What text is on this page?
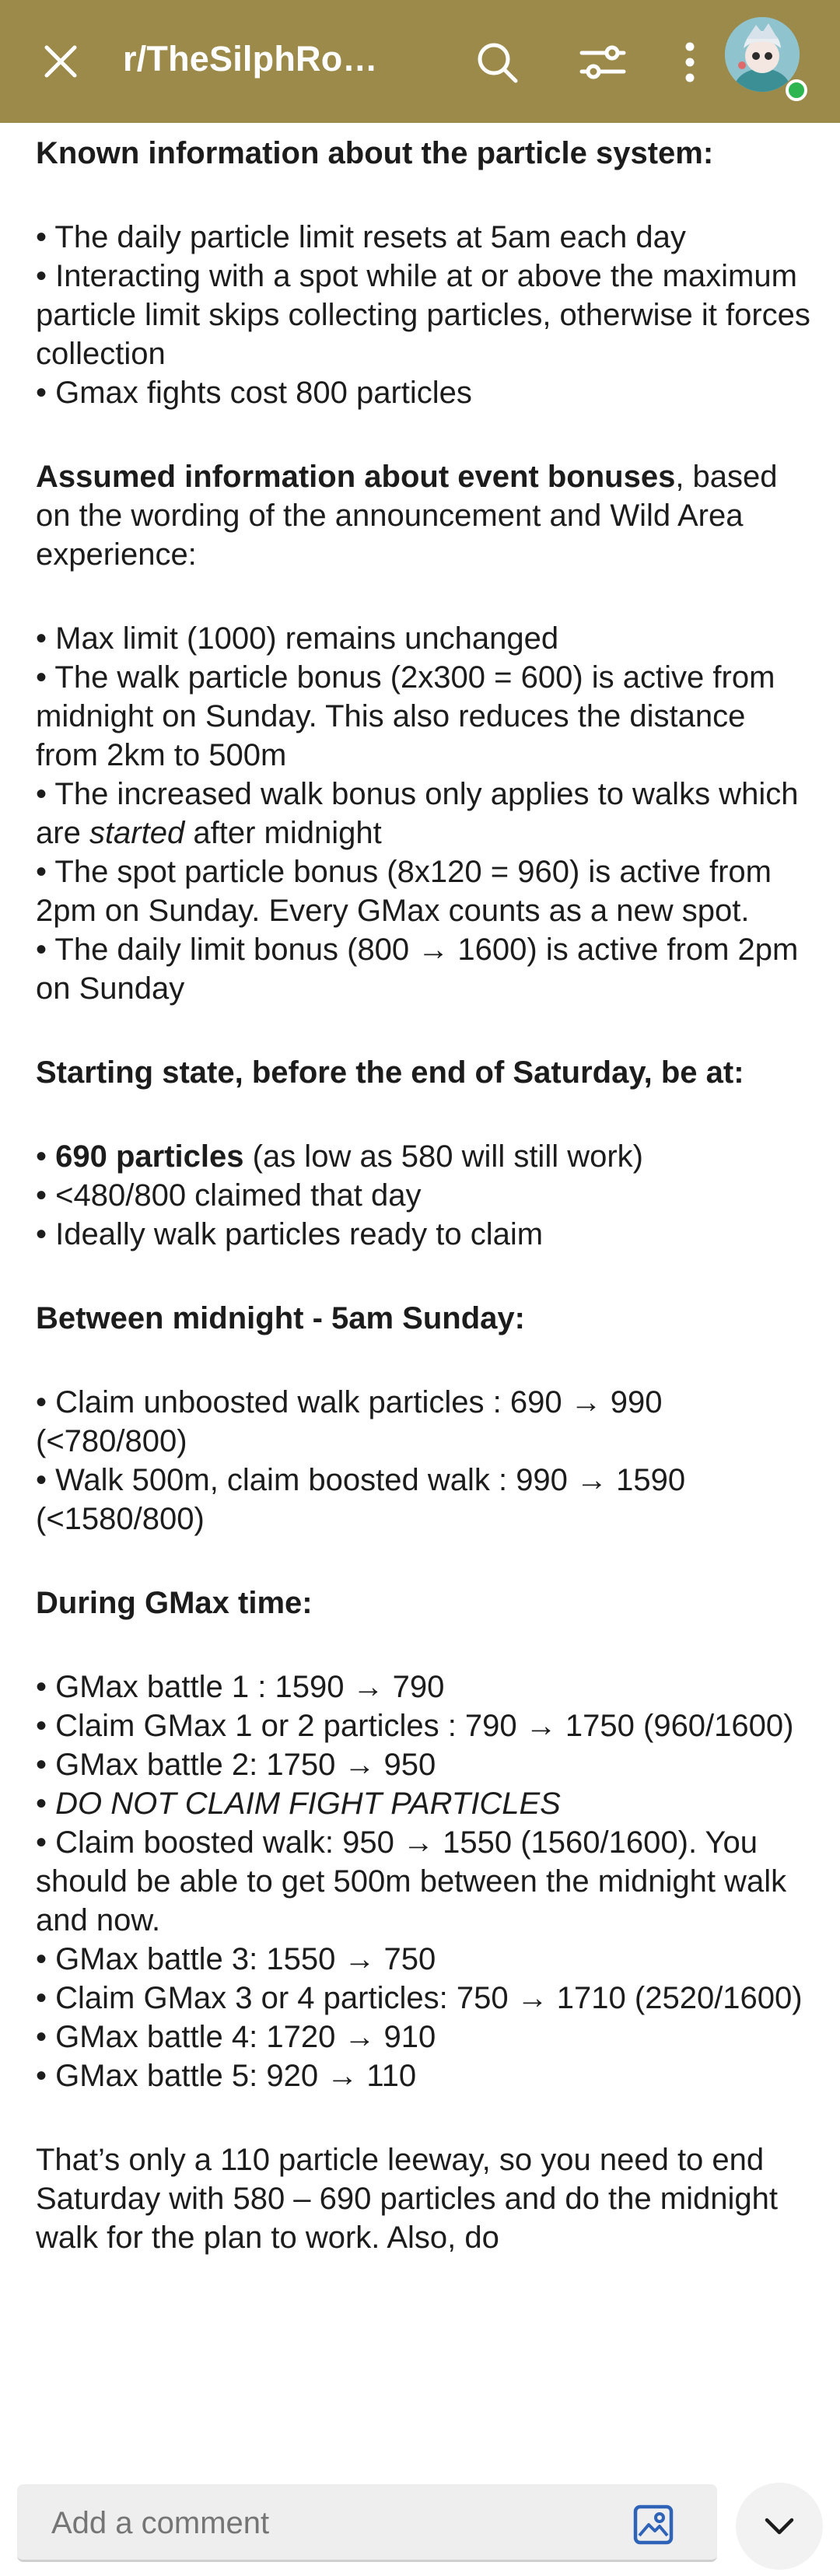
r/TheSilphRo…

Known information about the particle system:

• The daily particle limit resets at 5am each day
• Interacting with a spot while at or above the maximum particle limit skips collecting particles, otherwise it forces collection
• Gmax fights cost 800 particles

Assumed information about event bonuses, based on the wording of the announcement and Wild Area experience:

• Max limit (1000) remains unchanged
• The walk particle bonus (2x300 = 600) is active from midnight on Sunday. This also reduces the distance from 2km to 500m
• The increased walk bonus only applies to walks which are started after midnight
• The spot particle bonus (8x120 = 960) is active from 2pm on Sunday. Every GMax counts as a new spot.
• The daily limit bonus (800 → 1600) is active from 2pm on Sunday

Starting state, before the end of Saturday, be at:

• 690 particles (as low as 580 will still work)
• <480/800 claimed that day
• Ideally walk particles ready to claim

Between midnight - 5am Sunday:

• Claim unboosted walk particles : 690 → 990 (<780/800)
• Walk 500m, claim boosted walk : 990 → 1590 (<1580/800)

During GMax time:

• GMax battle 1 : 1590 → 790
• Claim GMax 1 or 2 particles : 790 → 1750 (960/1600)
• GMax battle 2: 1750 → 950
• DO NOT CLAIM FIGHT PARTICLES
• Claim boosted walk: 950 → 1550 (1560/1600). You should be able to get 500m between the midnight walk and now.
• GMax battle 3: 1550 → 750
• Claim GMax 3 or 4 particles: 750 → 1710 (2520/1600)
• GMax battle 4: 1720 → 910
• GMax battle 5: 920 → 110

That’s only a 110 particle leeway, so you need to end Saturday with 580 – 690 particles and do the midnight walk for the plan to work. Also, do

Add a comment
